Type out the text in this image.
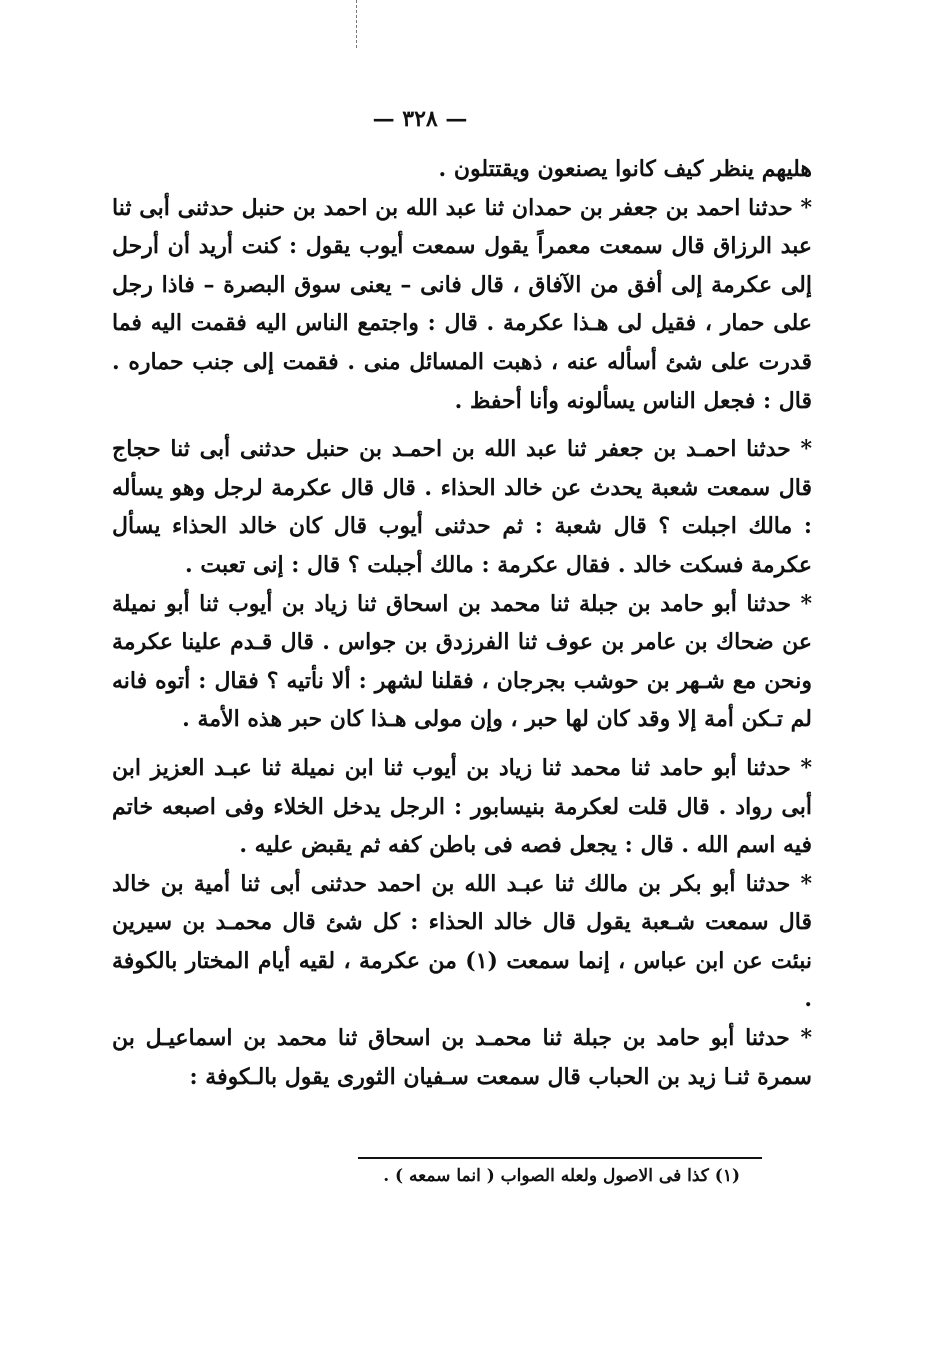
— ٣٢٨ —

هليهم ينظر كيف كانوا يصنعون ويقتتلون .

* حدثنا احمد بن جعفر بن حمدان ثنا عبد الله بن احمد بن حنبل حدثنى أبى ثنا عبد الرزاق قال سمعت معمراً يقول سمعت أيوب يقول : كنت أريد أن أرحل إلى عكرمة إلى أفق من الآفاق ، قال فانى – يعنى سوق البصرة – فاذا رجل على حمار ، فقيل لى هـذا عكرمة . قال : واجتمع الناس اليه فقمت اليه فما قدرت على شئ أسأله عنه ، ذهبت المسائل منى . فقمت إلى جنب حماره . قال : فجعل الناس يسألونه وأنا أحفظ .

* حدثنا احمـد بن جعفر ثنا عبد الله بن احمـد بن حنبل حدثنى أبى ثنا حجاج قال سمعت شعبة يحدث عن خالد الحذاء . قال قال عكرمة لرجل وهو يسأله : مالك اجبلت ؟ قال شعبة : ثم حدثنى أيوب قال كان خالد الحذاء يسأل عكرمة فسكت خالد . فقال عكرمة : مالك أجبلت ؟ قال : إنى تعبت .

* حدثنا أبو حامد بن جبلة ثنا محمد بن اسحاق ثنا زياد بن أيوب ثنا أبو نميلة عن ضحاك بن عامر بن عوف ثنا الفرزدق بن جواس . قال قـدم علينا عكرمة ونحن مع شـهر بن حوشب بجرجان ، فقلنا لشهر : ألا نأتيه ؟ فقال : أتوه فانه لم تـكن أمة إلا وقد كان لها حبر ، وإن مولى هـذا كان حبر هذه الأمة .

* حدثنا أبو حامد ثنا محمد ثنا زياد بن أيوب ثنا ابن نميلة ثنا عبـد العزيز ابن أبى رواد . قال قلت لعكرمة بنيسابور : الرجل يدخل الخلاء وفى اصبعه خاتم فيه اسم الله . قال : يجعل فصه فى باطن كفه ثم يقبض عليه .

* حدثنا أبو بكر بن مالك ثنا عبـد الله بن احمد حدثنى أبى ثنا أمية بن خالد قال سمعت شـعبة يقول قال خالد الحذاء : كل شئ قال محمـد بن سيرين نبئت عن ابن عباس ، إنما سمعت (١) من عكرمة ، لقيه أيام المختار بالكوفة .

* حدثنا أبو حامد بن جبلة ثنا محمـد بن اسحاق ثنا محمد بن اسماعيـل بن سمرة ثنـا زيد بن الحباب قال سمعت سـفيان الثورى يقول بالـكوفة :

(١) كذا فى الاصول ولعله الصواب ( انما سمعه ) .
